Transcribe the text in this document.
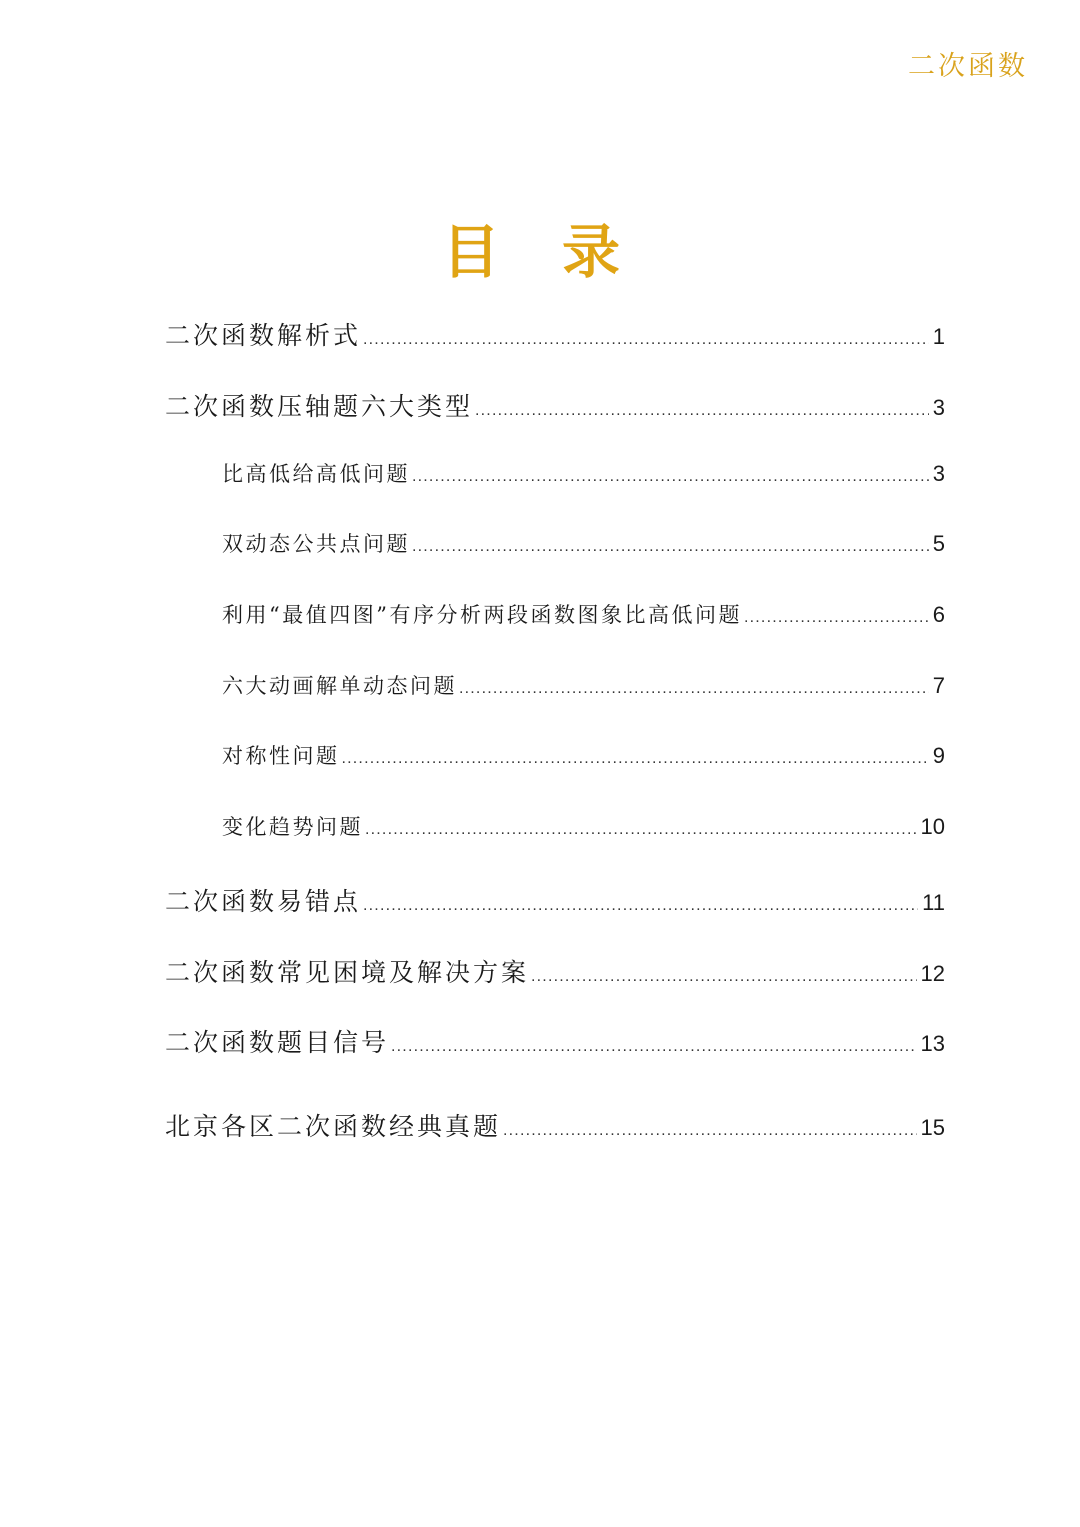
二次函数
目 录
二次函数解析式 .....	1
二次函数压轴题六大类型 .....	3
比高低给高低问题 .....	3
双动态公共点问题 .....	5
利用“最值四图”有序分析两段函数图象比高低问题 .....	6
六大动画解单动态问题 .....	7
对称性问题 .....	9
变化趋势问题 .....	10
二次函数易错点 .....	11
二次函数常见困境及解决方案 .....	12
二次函数题目信号 .....	13
北京各区二次函数经典真题 .....	15
